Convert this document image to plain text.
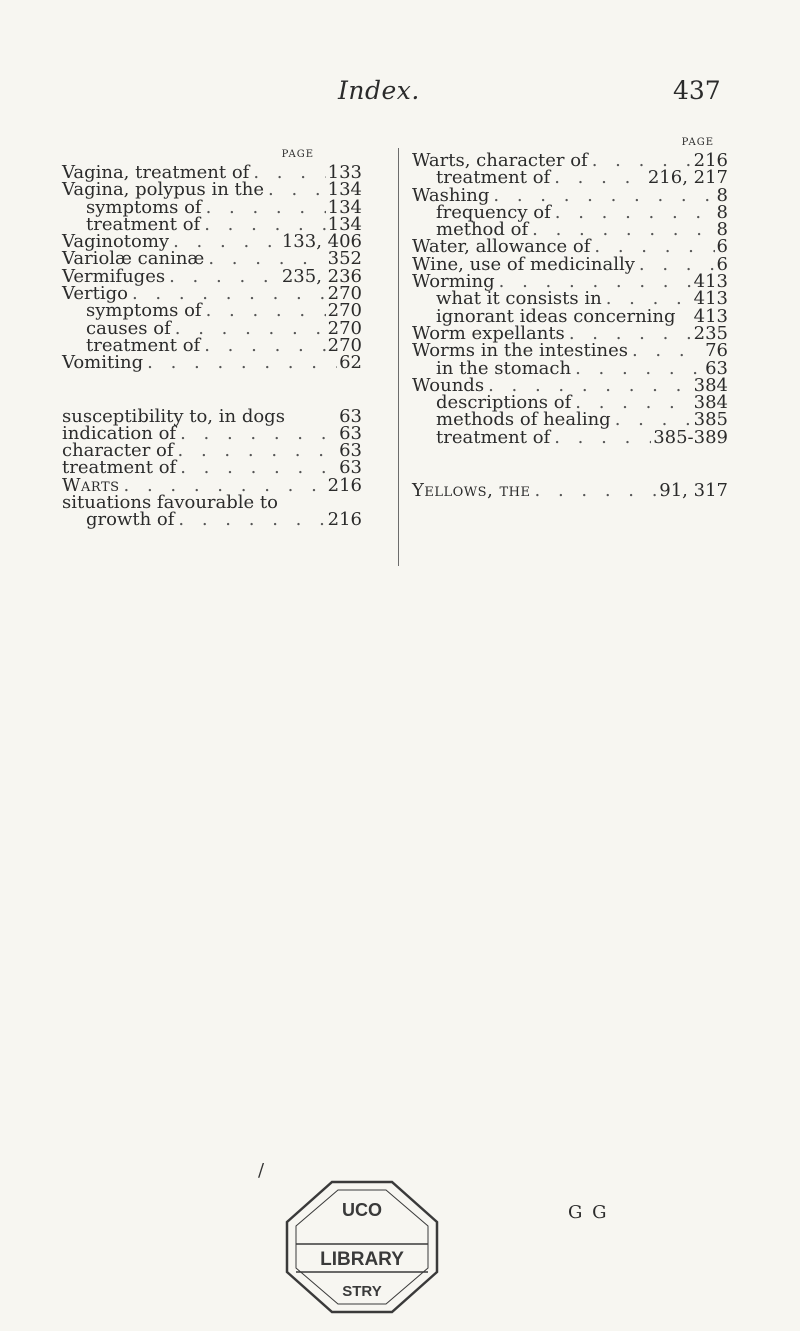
Index.	437
PAGE
Vagina, treatment of . . .	133
Vagina, polypus in the . . .	134
symptoms of . . .	134
treatment of . . .	134
Vaginotomy . . .	133, 406
Variolæ caninæ . . .	352
Vermifuges . . .	235, 236
Vertigo . . .	270
symptoms of . . .	270
causes of . . .	270
treatment of . . .	270
Vomiting . . .	62
susceptibility to, in dogs	63
indication of . . .	63
character of . . .	63
treatment of . . .	63
Warts . . .	216
situations favourable to
growth of . . .	216
PAGE
Warts, character of . . .	216
treatment of . . .	216, 217
Washing . . .	8
frequency of . . .	8
method of . . .	8
Water, allowance of . . .	6
Wine, use of medicinally . . .	6
Worming . . .	413
what it consists in . . .	413
ignorant ideas concerning 413
Worm expellants . . .	235
Worms in the intestines . . .	76
in the stomach . . .	63
Wounds . . .	384
descriptions of . . .	384
methods of healing . . .	385
treatment of . . .	385-389
Yellows, the . . .	91, 317
/
UCO
LIBRARY
STRY
G G
